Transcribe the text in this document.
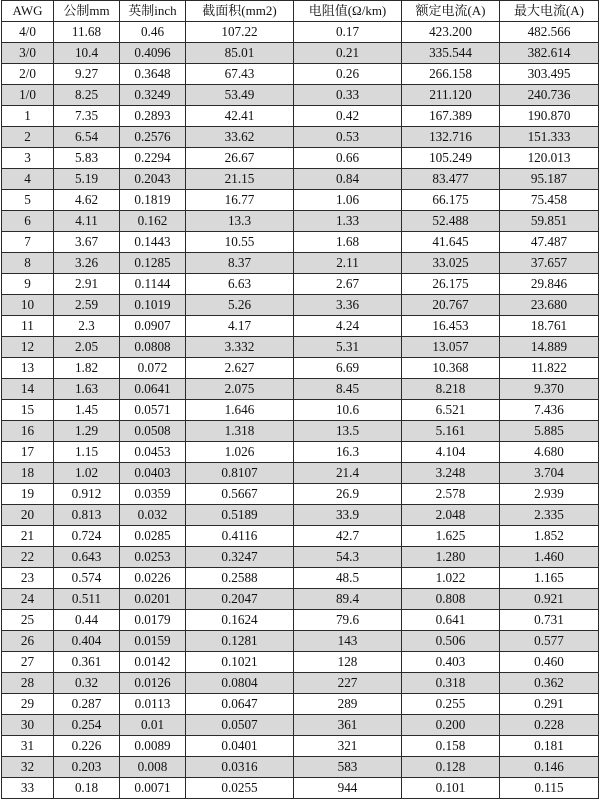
AWG	公制mm	英制inch	截面积(mm2)	电阻值(Ω/km)	额定电流(A)	最大电流(A)
4/0	11.68	0.46	107.22	0.17	423.200	482.566
3/0	10.4	0.4096	85.01	0.21	335.544	382.614
2/0	9.27	0.3648	67.43	0.26	266.158	303.495
1/0	8.25	0.3249	53.49	0.33	211.120	240.736
1	7.35	0.2893	42.41	0.42	167.389	190.870
2	6.54	0.2576	33.62	0.53	132.716	151.333
3	5.83	0.2294	26.67	0.66	105.249	120.013
4	5.19	0.2043	21.15	0.84	83.477	95.187
5	4.62	0.1819	16.77	1.06	66.175	75.458
6	4.11	0.162	13.3	1.33	52.488	59.851
7	3.67	0.1443	10.55	1.68	41.645	47.487
8	3.26	0.1285	8.37	2.11	33.025	37.657
9	2.91	0.1144	6.63	2.67	26.175	29.846
10	2.59	0.1019	5.26	3.36	20.767	23.680
11	2.3	0.0907	4.17	4.24	16.453	18.761
12	2.05	0.0808	3.332	5.31	13.057	14.889
13	1.82	0.072	2.627	6.69	10.368	11.822
14	1.63	0.0641	2.075	8.45	8.218	9.370
15	1.45	0.0571	1.646	10.6	6.521	7.436
16	1.29	0.0508	1.318	13.5	5.161	5.885
17	1.15	0.0453	1.026	16.3	4.104	4.680
18	1.02	0.0403	0.8107	21.4	3.248	3.704
19	0.912	0.0359	0.5667	26.9	2.578	2.939
20	0.813	0.032	0.5189	33.9	2.048	2.335
21	0.724	0.0285	0.4116	42.7	1.625	1.852
22	0.643	0.0253	0.3247	54.3	1.280	1.460
23	0.574	0.0226	0.2588	48.5	1.022	1.165
24	0.511	0.0201	0.2047	89.4	0.808	0.921
25	0.44	0.0179	0.1624	79.6	0.641	0.731
26	0.404	0.0159	0.1281	143	0.506	0.577
27	0.361	0.0142	0.1021	128	0.403	0.460
28	0.32	0.0126	0.0804	227	0.318	0.362
29	0.287	0.0113	0.0647	289	0.255	0.291
30	0.254	0.01	0.0507	361	0.200	0.228
31	0.226	0.0089	0.0401	321	0.158	0.181
32	0.203	0.008	0.0316	583	0.128	0.146
33	0.18	0.0071	0.0255	944	0.101	0.115
